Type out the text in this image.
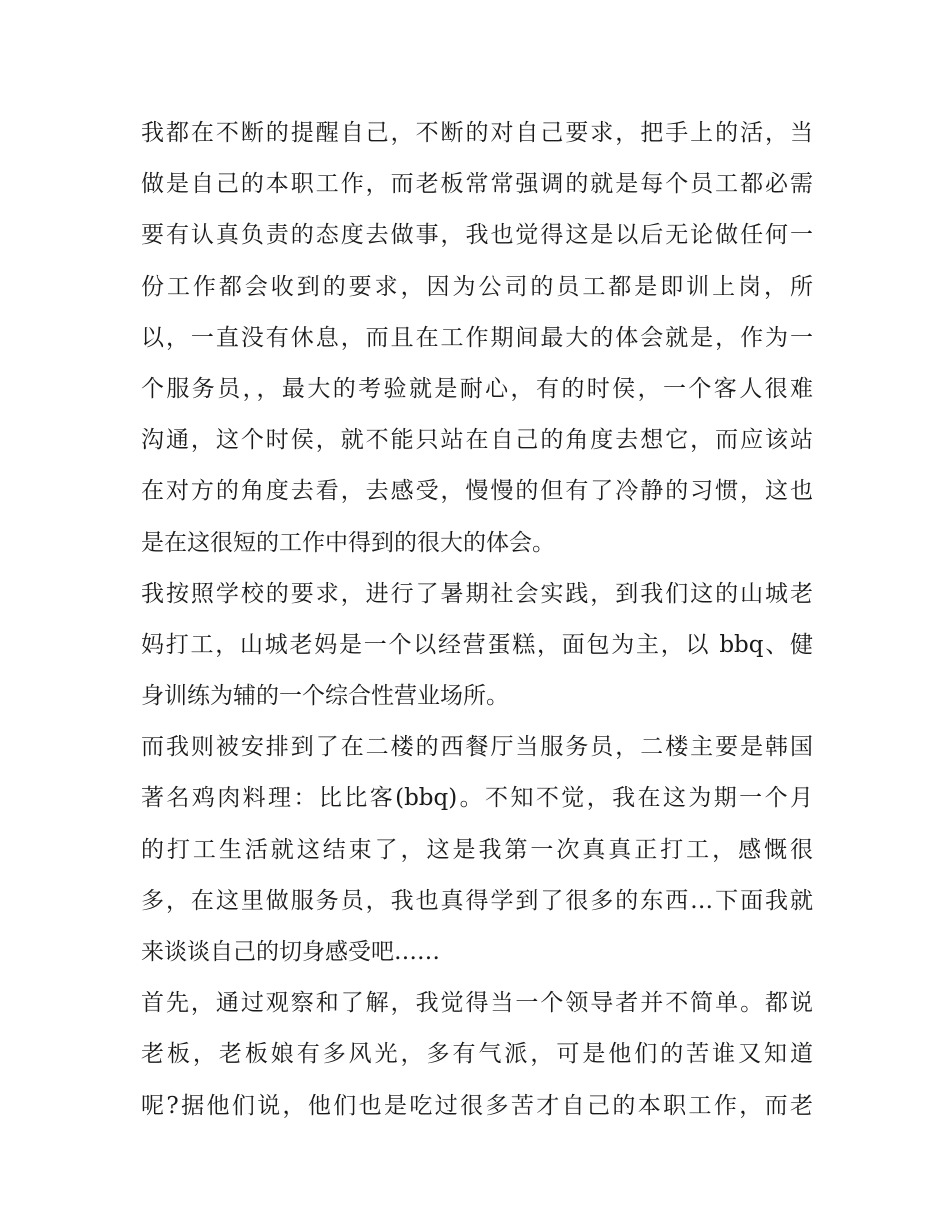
我都在不断的提醒自己，不断的对自己要求，把手上的活，当
做是自己的本职工作，而老板常常强调的就是每个员工都必需
要有认真负责的态度去做事，我也觉得这是以后无论做任何一
份工作都会收到的要求，因为公司的员工都是即训上岗，所
以，一直没有休息，而且在工作期间最大的体会就是，作为一
个服务员，，最大的考验就是耐心，有的时侯，一个客人很难
沟通，这个时侯，就不能只站在自己的角度去想它，而应该站
在对方的角度去看，去感受，慢慢的但有了冷静的习惯，这也
是在这很短的工作中得到的很大的体会。
我按照学校的要求，进行了暑期社会实践，到我们这的山城老
妈打工，山城老妈是一个以经营蛋糕，面包为主，以 bbq、健
身训练为辅的一个综合性营业场所。
而我则被安排到了在二楼的西餐厅当服务员，二楼主要是韩国
著名鸡肉料理：比比客(bbq)。不知不觉，我在这为期一个月
的打工生活就这结束了，这是我第一次真真正打工，感慨很
多，在这里做服务员，我也真得学到了很多的东西…下面我就
来谈谈自己的切身感受吧……
首先，通过观察和了解，我觉得当一个领导者并不简单。都说
老板，老板娘有多风光，多有气派，可是他们的苦谁又知道
呢?据他们说，他们也是吃过很多苦才自己的本职工作，而老
